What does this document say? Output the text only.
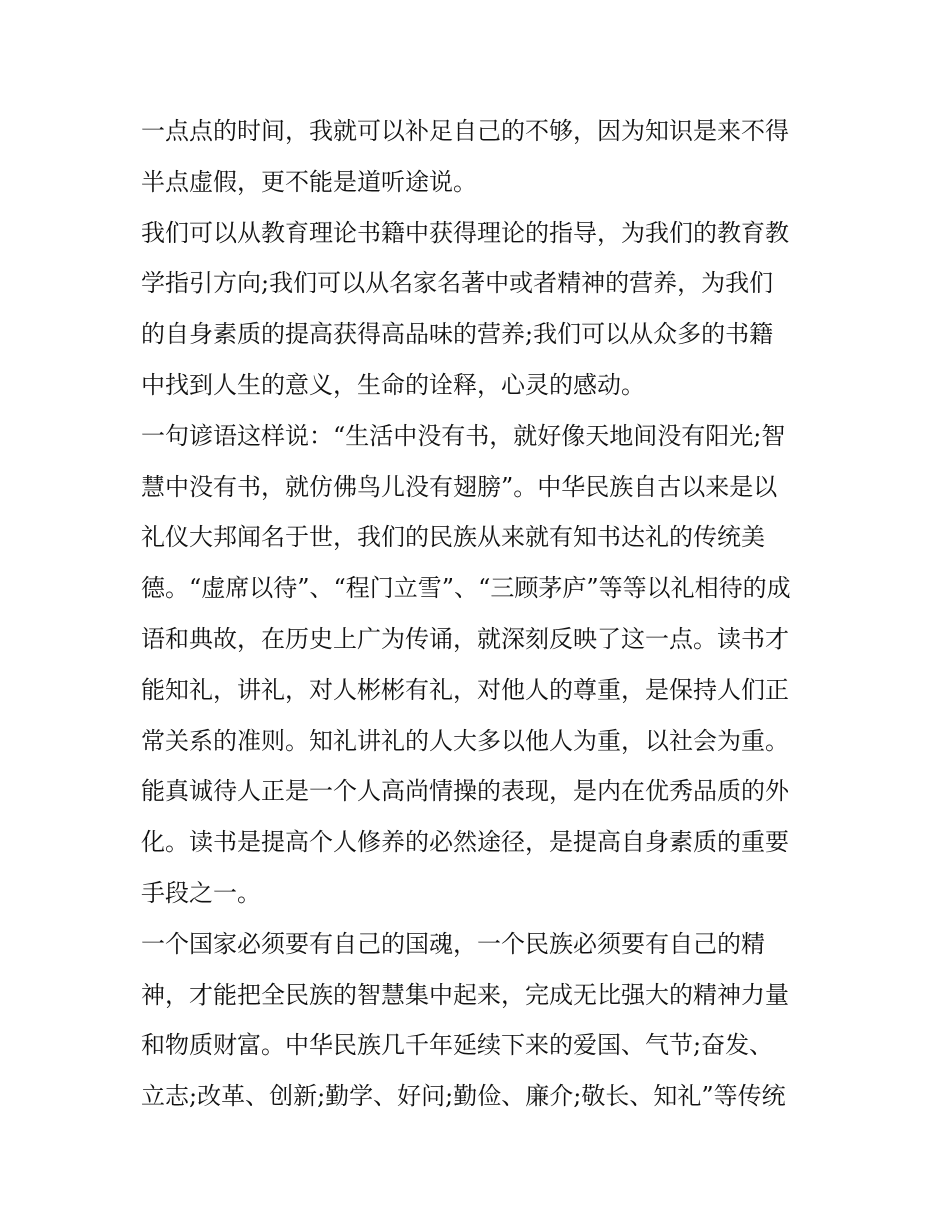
一点点的时间，我就可以补足自己的不够，因为知识是来不得
半点虚假，更不能是道听途说。
我们可以从教育理论书籍中获得理论的指导，为我们的教育教
学指引方向;我们可以从名家名著中或者精神的营养，为我们
的自身素质的提高获得高品味的营养;我们可以从众多的书籍
中找到人生的意义，生命的诠释，心灵的感动。
一句谚语这样说：“生活中没有书，就好像天地间没有阳光;智
慧中没有书，就仿佛鸟儿没有翅膀”。中华民族自古以来是以
礼仪大邦闻名于世，我们的民族从来就有知书达礼的传统美
德。“虚席以待”、“程门立雪”、“三顾茅庐”等等以礼相待的成
语和典故，在历史上广为传诵，就深刻反映了这一点。读书才
能知礼，讲礼，对人彬彬有礼，对他人的尊重，是保持人们正
常关系的准则。知礼讲礼的人大多以他人为重，以社会为重。
能真诚待人正是一个人高尚情操的表现，是内在优秀品质的外
化。读书是提高个人修养的必然途径，是提高自身素质的重要
手段之一。
一个国家必须要有自己的国魂，一个民族必须要有自己的精
神，才能把全民族的智慧集中起来，完成无比强大的精神力量
和物质财富。中华民族几千年延续下来的爱国、气节;奋发、
立志;改革、创新;勤学、好问;勤俭、廉介;敬长、知礼”等传统
